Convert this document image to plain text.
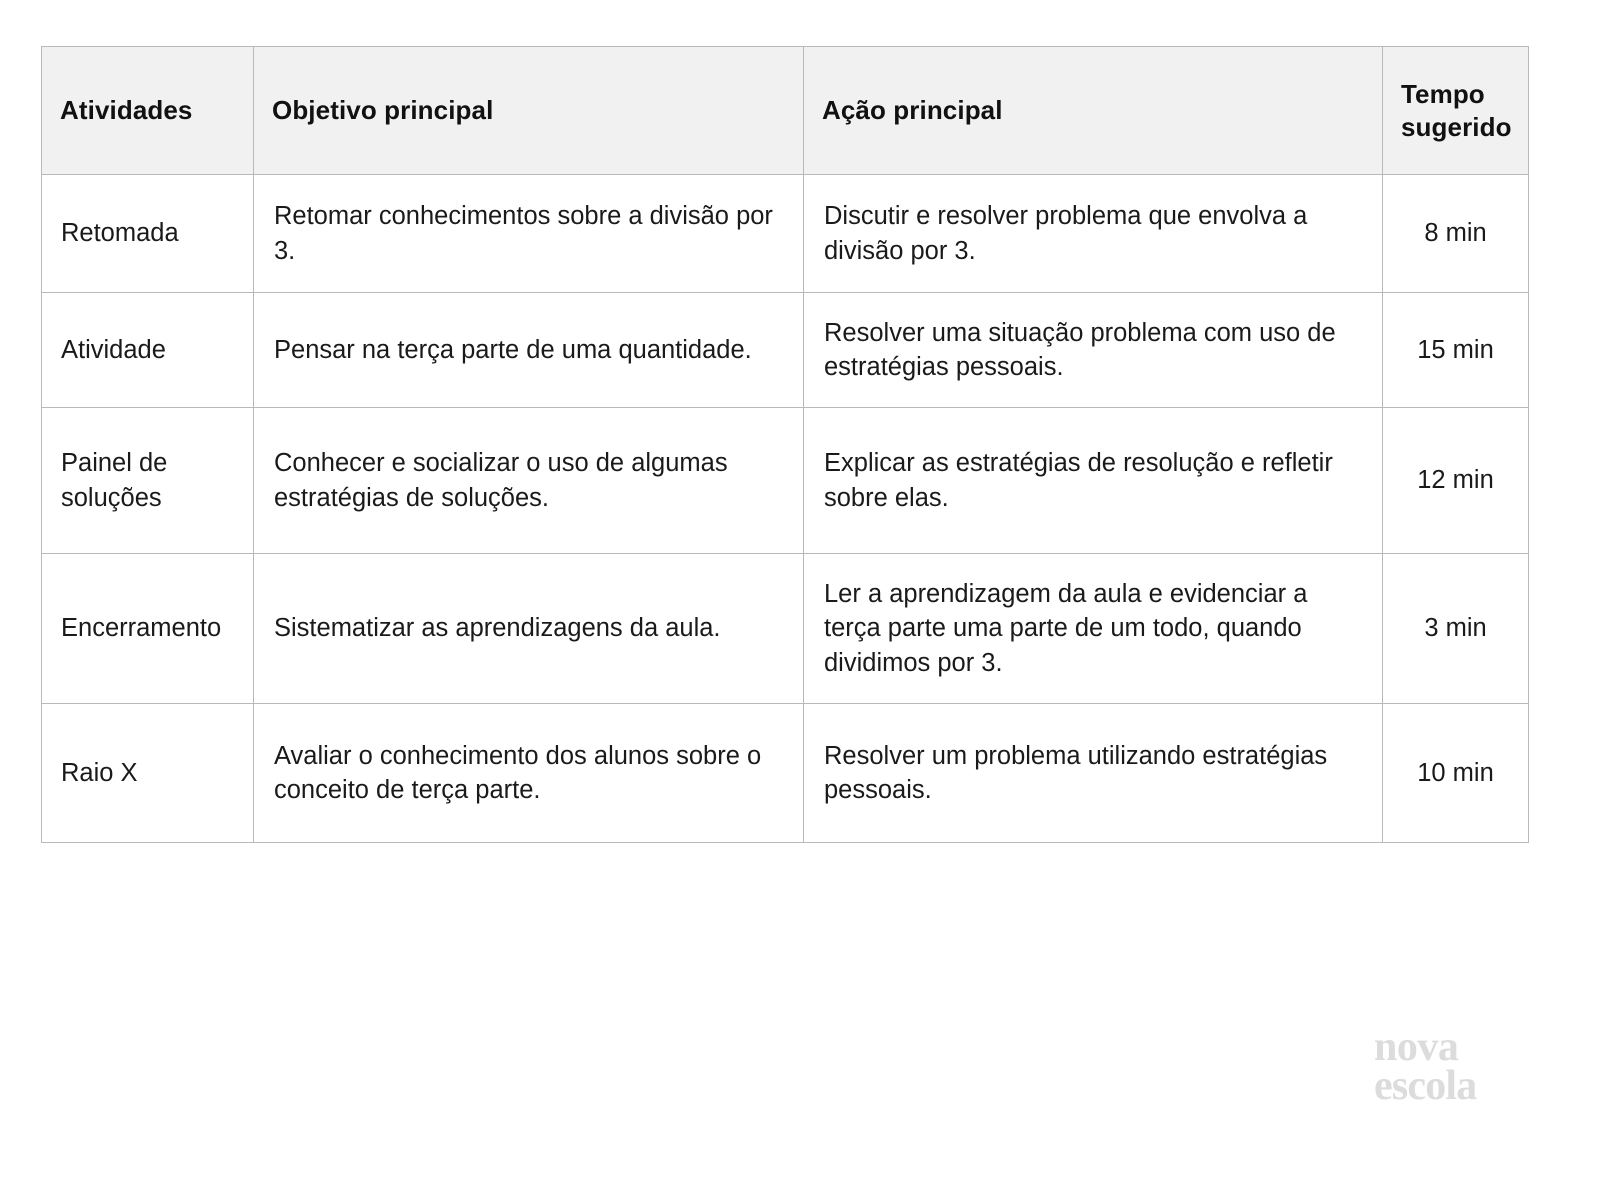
Atividades	Objetivo principal	Ação principal	Tempo
sugerido

Retomada	Retomar conhecimentos sobre a divisão por 3.	Discutir e resolver problema que envolva a divisão por 3.	8 min

Atividade	Pensar na terça parte de uma quantidade.	Resolver uma situação problema com uso de estratégias pessoais.	15 min

Painel de soluções	Conhecer e socializar o uso de algumas estratégias de soluções.	Explicar as estratégias de resolução e refletir sobre elas.	12 min

Encerramento	Sistematizar as aprendizagens da aula.	Ler a aprendizagem da aula e evidenciar a terça parte uma parte de um todo, quando dividimos por 3.	3 min

Raio X	Avaliar o conhecimento dos alunos sobre o conceito de terça parte.	Resolver um problema utilizando estratégias pessoais.	10 min
nova
escola
